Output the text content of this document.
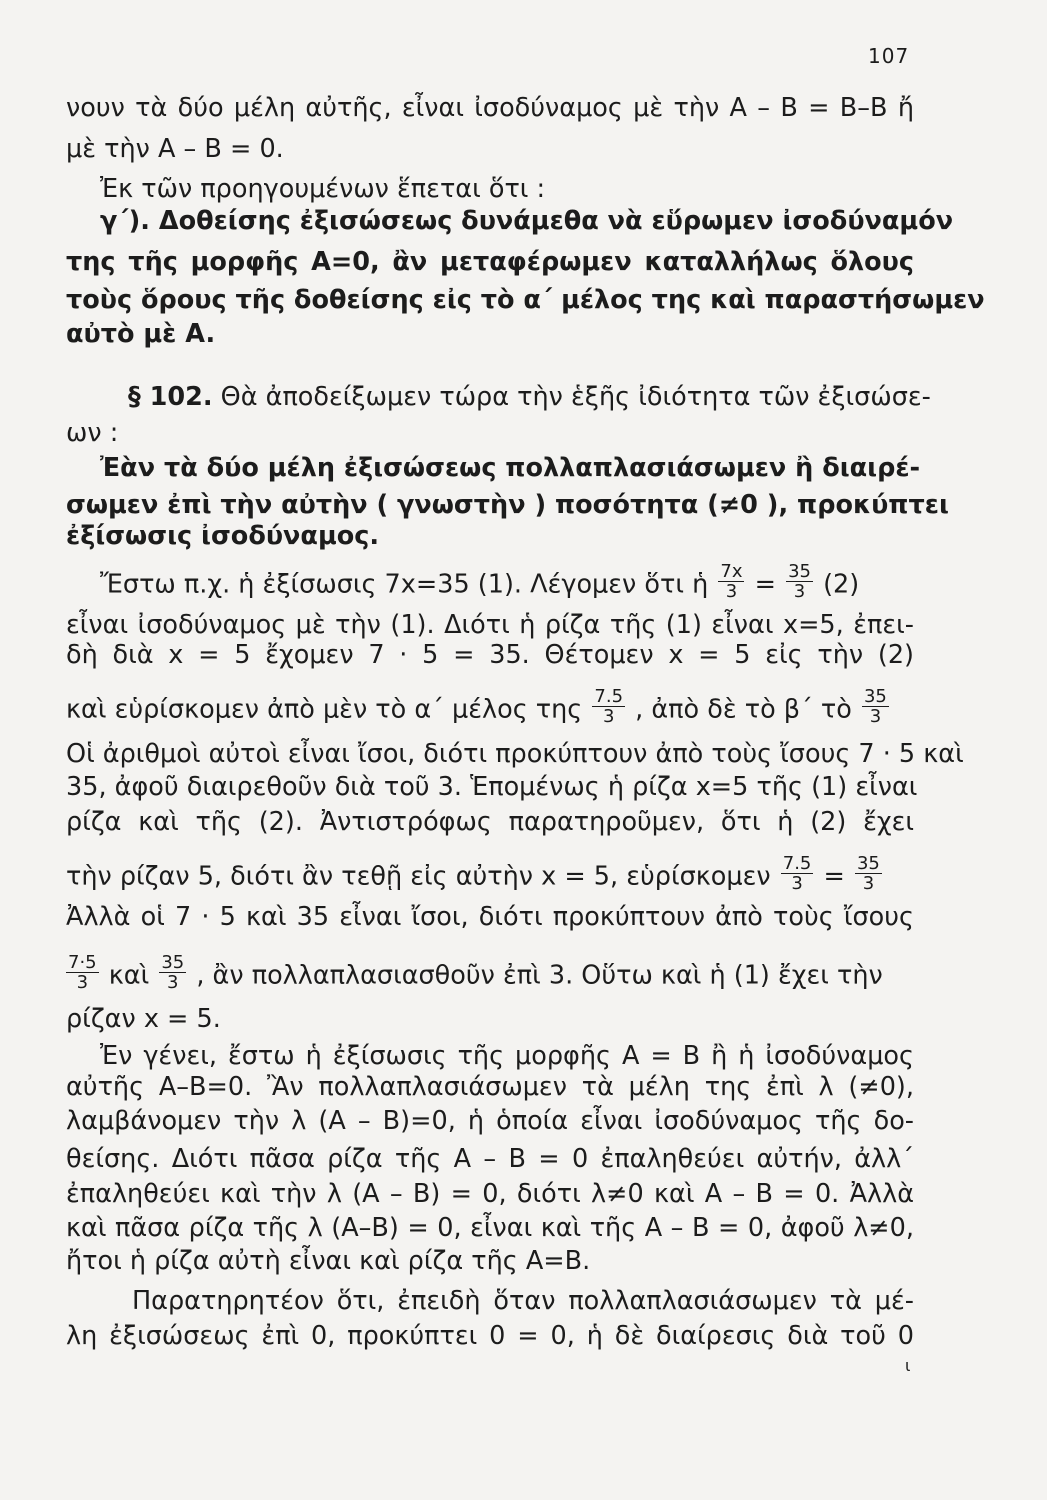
107
νουν τὰ δύο μέλη αὐτῆς, εἶναι ἰσοδύναμος μὲ τὴν A – B = B–B ἤ
μὲ τὴν A – B = 0.
Ἐκ τῶν προηγουμένων ἕπεται ὅτι :
γ΄). Δοθείσης ἐξισώσεως δυνάμεθα νὰ εὕρωμεν ἰσοδύναμόν
της τῆς μορφῆς A=0, ἂν μεταφέρωμεν καταλλήλως ὅλους
τοὺς ὅρους τῆς δοθείσης εἰς τὸ α΄ μέλος της καὶ παραστήσωμεν
αὐτὸ μὲ A.
§ 102. Θὰ ἀποδείξωμεν τώρα τὴν ἑξῆς ἰδιότητα τῶν ἐξισώσε-
ων :
Ἐὰν τὰ δύο μέλη ἐξισώσεως πολλαπλασιάσωμεν ἢ διαιρέ-
σωμεν ἐπὶ τὴν αὐτὴν ( γνωστὴν ) ποσότητα (≠0 ), προκύπτει
ἐξίσωσις ἰσοδύναμος.
Ἔστω π.χ. ἡ ἐξίσωσις 7x=35 (1). Λέγομεν ὅτι ἡ $\frac{7x}{3} = \frac{35}{3} (2)$
εἶναι ἰσοδύναμος μὲ τὴν (1). Διότι ἡ ρίζα τῆς (1) εἶναι x=5, ἐπει-
δὴ διὰ x = 5 ἔχομεν 7 · 5 = 35. Θέτομεν x = 5 εἰς τὴν (2)
καὶ εὑρίσκομεν ἀπὸ μὲν τὸ α΄ μέλος της $\frac{7.5}{3}$ , ἀπὸ δὲ τὸ β΄ τὸ $\frac{35}{3}$
Οἱ ἀριθμοὶ αὐτοὶ εἶναι ἴσοι, διότι προκύπτουν ἀπὸ τοὺς ἴσους 7 · 5 καὶ
35, ἀφοῦ διαιρεθοῦν διὰ τοῦ 3. Ἑπομένως ἡ ρίζα x=5 τῆς (1) εἶναι
ρίζα καὶ τῆς (2). Ἀντιστρόφως παρατηροῦμεν, ὅτι ἡ (2) ἔχει
τὴν ρίζαν 5, διότι ἂν τεθῇ εἰς αὐτὴν x = 5, εὑρίσκομεν $\frac{7.5}{3} = \frac{35}{3}$
Ἀλλὰ οἱ 7 · 5 καὶ 35 εἶναι ἴσοι, διότι προκύπτουν ἀπὸ τοὺς ἴσους
$\frac{7\cdot 5}{3}$ καὶ $\frac{35}{3}$ , ἂν πολλαπλασιασθοῦν ἐπὶ 3. Οὕτω καὶ ἡ (1) ἔχει τὴν
ρίζαν x = 5.
Ἐν γένει, ἔστω ἡ ἐξίσωσις τῆς μορφῆς A = B ἢ ἡ ἰσοδύναμος
αὐτῆς A–B=0. Ἂν πολλαπλασιάσωμεν τὰ μέλη της ἐπὶ λ (≠0),
λαμβάνομεν τὴν λ (A – B)=0, ἡ ὁποία εἶναι ἰσοδύναμος τῆς δο-
θείσης. Διότι πᾶσα ρίζα τῆς A – B = 0 ἐπαληθεύει αὐτήν, ἀλλ΄
ἐπαληθεύει καὶ τὴν λ (A – B) = 0, διότι λ≠0 καὶ A – B = 0. Ἀλλὰ
καὶ πᾶσα ρίζα τῆς λ (A–B) = 0, εἶναι καὶ τῆς A – B = 0, ἀφοῦ λ≠0,
ἤτοι ἡ ρίζα αὐτὴ εἶναι καὶ ρίζα τῆς A=B.
Παρατηρητέον ὅτι, ἐπειδὴ ὅταν πολλαπλασιάσωμεν τὰ μέ-
λη ἐξισώσεως ἐπὶ 0, προκύπτει 0 = 0, ἡ δὲ διαίρεσις διὰ τοῦ 0
ι
